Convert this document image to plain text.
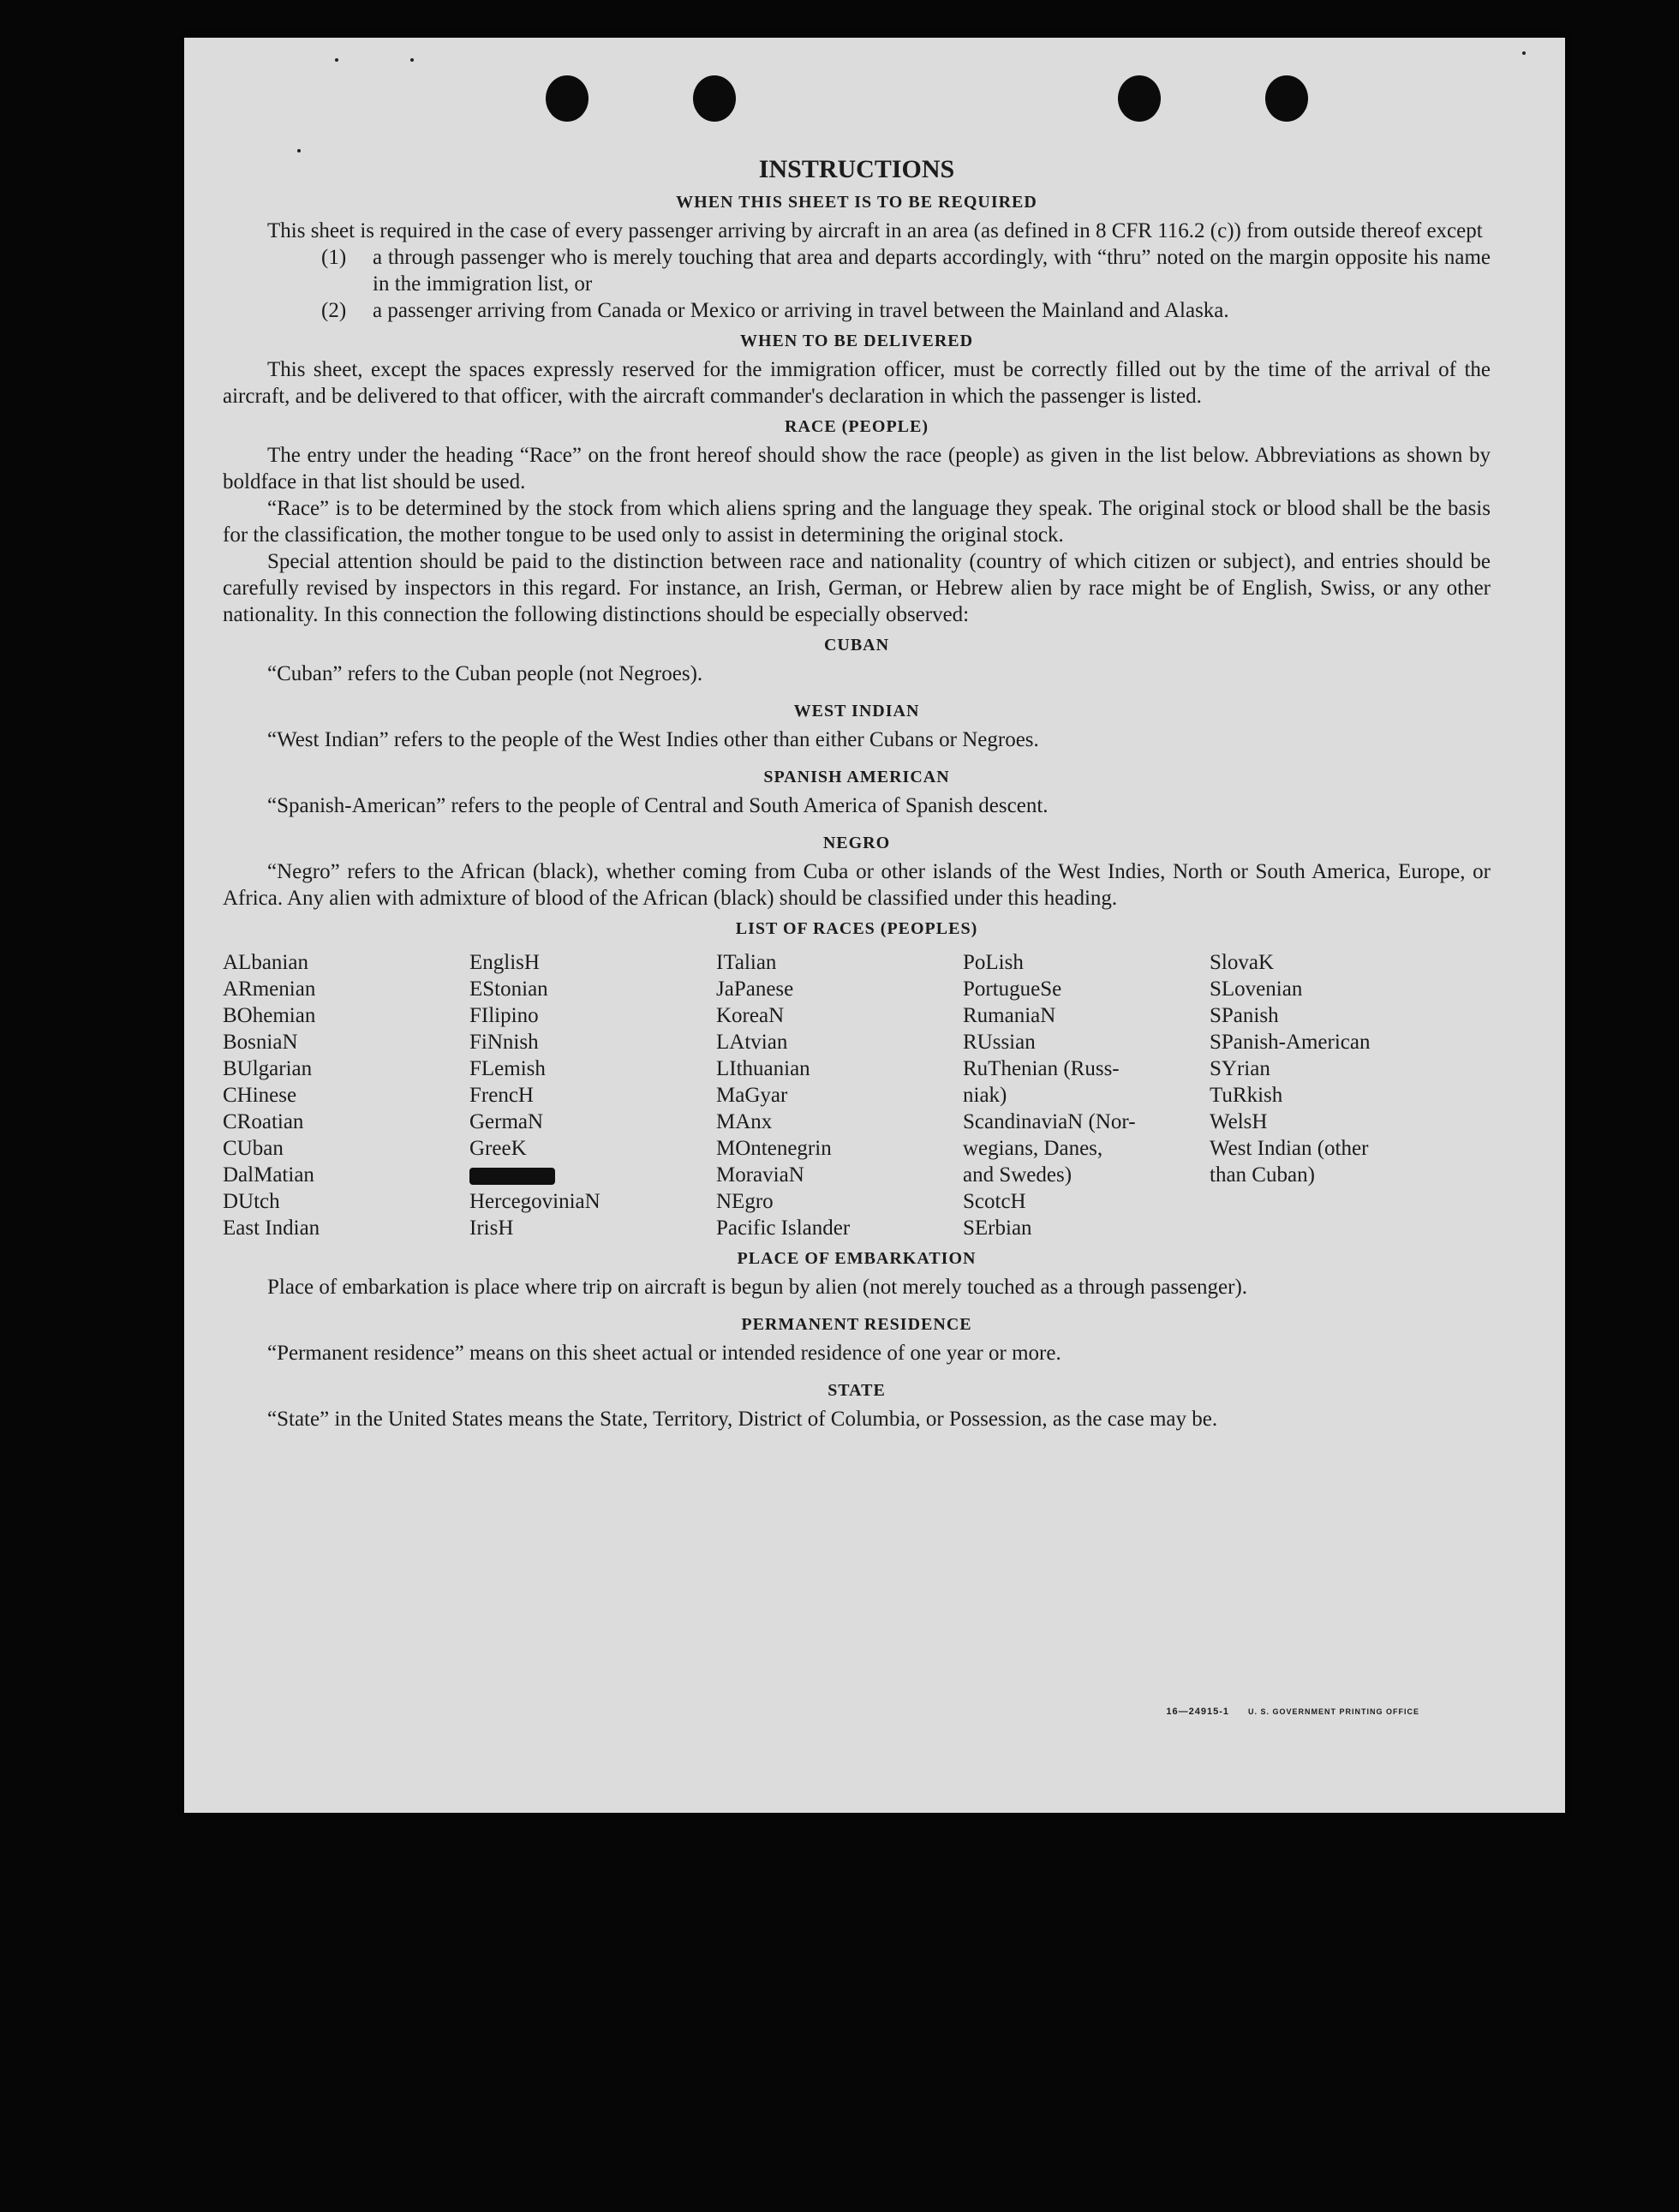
INSTRUCTIONS
WHEN THIS SHEET IS TO BE REQUIRED

This sheet is required in the case of every passenger arriving by aircraft in an area (as defined in 8 CFR 116.2 (c)) from outside thereof except

(1)	a through passenger who is merely touching that area and departs accordingly, with “thru” noted on the margin opposite his name in the immigration list, or
(2)	a passenger arriving from Canada or Mexico or arriving in travel between the Mainland and Alaska.
WHEN TO BE DELIVERED

This sheet, except the spaces expressly reserved for the immigration officer, must be correctly filled out by the time of the arrival of the aircraft, and be delivered to that officer, with the aircraft commander's declaration in which the passenger is listed.

RACE (PEOPLE)

The entry under the heading “Race” on the front hereof should show the race (people) as given in the list below. Abbreviations as shown by boldface in that list should be used.

“Race” is to be determined by the stock from which aliens spring and the language they speak. The original stock or blood shall be the basis for the classification, the mother tongue to be used only to assist in determining the original stock.

Special attention should be paid to the distinction between race and nationality (country of which citizen or subject), and entries should be carefully revised by inspectors in this regard. For instance, an Irish, German, or Hebrew alien by race might be of English, Swiss, or any other nationality. In this connection the following distinctions should be especially observed:

CUBAN

“Cuban” refers to the Cuban people (not Negroes).

WEST INDIAN

“West Indian” refers to the people of the West Indies other than either Cubans or Negroes.

SPANISH AMERICAN

“Spanish-American” refers to the people of Central and South America of Spanish descent.

NEGRO

“Negro” refers to the African (black), whether coming from Cuba or other islands of the West Indies, North or South America, Europe, or Africa. Any alien with admixture of blood of the African (black) should be classified under this heading.

LIST OF RACES (PEOPLES)
ALbanian
ARmenian
BOhemian
BosniaN
BUlgarian
CHinese
CRoatian
CUban
DalMatian
DUtch
East Indian
EnglisH
EStonian
FIlipino
FiNnish
FLemish
FrencH
GermaN
GreeK
HercegoviniaN
IrisH
ITalian
JaPanese
KoreaN
LAtvian
LIthuanian
MaGyar
MAnx
MOntenegrin
MoraviaN
NEgro
Pacific Islander
PoLish
PortugueSe
RumaniaN
RUssian
RuThenian (Russ-
niak)
ScandinaviaN (Nor-
wegians, Danes,
and Swedes)
ScotcH
SErbian
SlovaK
SLovenian
SPanish
SPanish-American
SYrian
TuRkish
WelsH
West Indian (other
than Cuban)
PLACE OF EMBARKATION

Place of embarkation is place where trip on aircraft is begun by alien (not merely touched as a through passenger).

PERMANENT RESIDENCE

“Permanent residence” means on this sheet actual or intended residence of one year or more.

STATE

“State” in the United States means the State, Territory, District of Columbia, or Possession, as the case may be.

16—24915-1 U. S. GOVERNMENT PRINTING OFFICE
